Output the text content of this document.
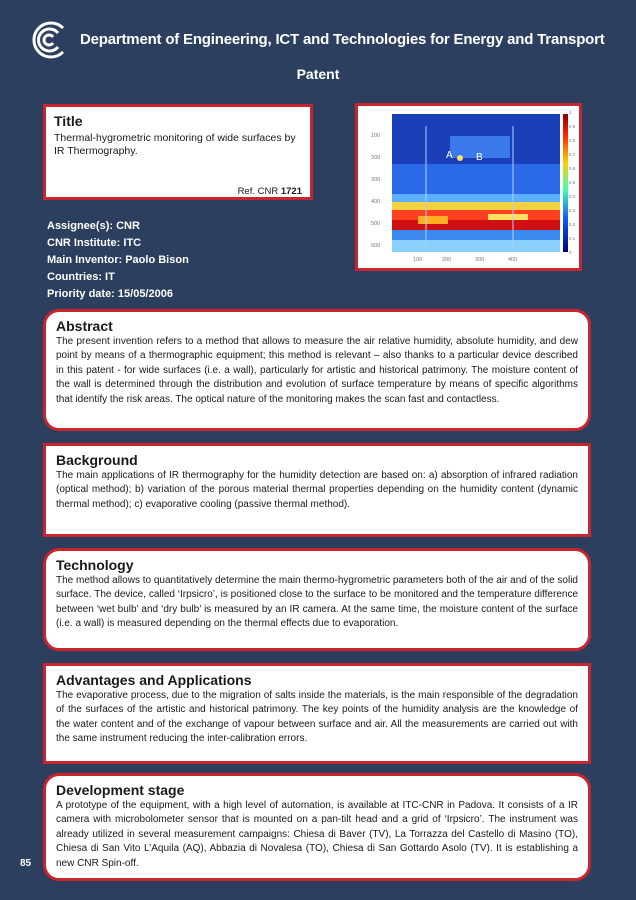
Department of Engineering, ICT and Technologies for Energy and Transport
Patent
Title
Thermal-hygrometric monitoring of wide surfaces by IR Thermography.
Ref. CNR 1721
A B
100
200
300
400
500
600
100	200	300	400
1
0.9
0.8
0.7
0.6
0.5
0.4
0.3
0.2
0.1
0
Assignee(s): CNR
CNR Institute: ITC
Main Inventor: Paolo Bison
Countries: IT
Priority date: 15/05/2006
Abstract

The present invention refers to a method that allows to measure the air relative humidity, absolute humidity, and dew point by means of a thermographic equipment; this method is relevant – also thanks to a particular device described in this patent - for wide surfaces (i.e. a wall), particularly for artistic and historical patrimony. The moisture content of the wall is determined through the distribution and evolution of surface temperature by means of specific algorithms that identify the risk areas. The optical nature of the monitoring makes the scan fast and contactless.

Background

The main applications of IR thermography for the humidity detection are based on: a) absorption of infrared radiation (optical method); b) variation of the porous material thermal properties depending on the humidity content (dynamic thermal method); c) evaporative cooling (passive thermal method).

Technology

The method allows to quantitatively determine the main thermo-hygrometric parameters both of the air and of the solid surface. The device, called ‘Irpsicro’, is positioned close to the surface to be monitored and the temperature difference between ‘wet bulb’ and ‘dry bulb’ is measured by an IR camera. At the same time, the moisture content of the surface (i.e. a wall) is measured depending on the thermal effects due to evaporation.

Advantages and Applications

The evaporative process, due to the migration of salts inside the materials, is the main responsible of the degradation of the surfaces of the artistic and historical patrimony. The key points of the humidity analysis are the knowledge of the water content and of the exchange of vapour between surface and air. All the measurements are carried out with the same instrument reducing the inter-calibration errors.

Development stage

A prototype of the equipment, with a high level of automation, is available at ITC-CNR in Padova. It consists of a IR camera with microbolometer sensor that is mounted on a pan-tilt head and a grid of ‘Irpsicro’. The instrument was already utilized in several measurement campaigns: Chiesa di Baver (TV), La Torrazza del Castello di Masino (TO), Chiesa di San Vito L’Aquila (AQ), Abbazia di Novalesa (TO), Chiesa di San Gottardo Asolo (TV). It is establishing a new CNR Spin-off.

85
